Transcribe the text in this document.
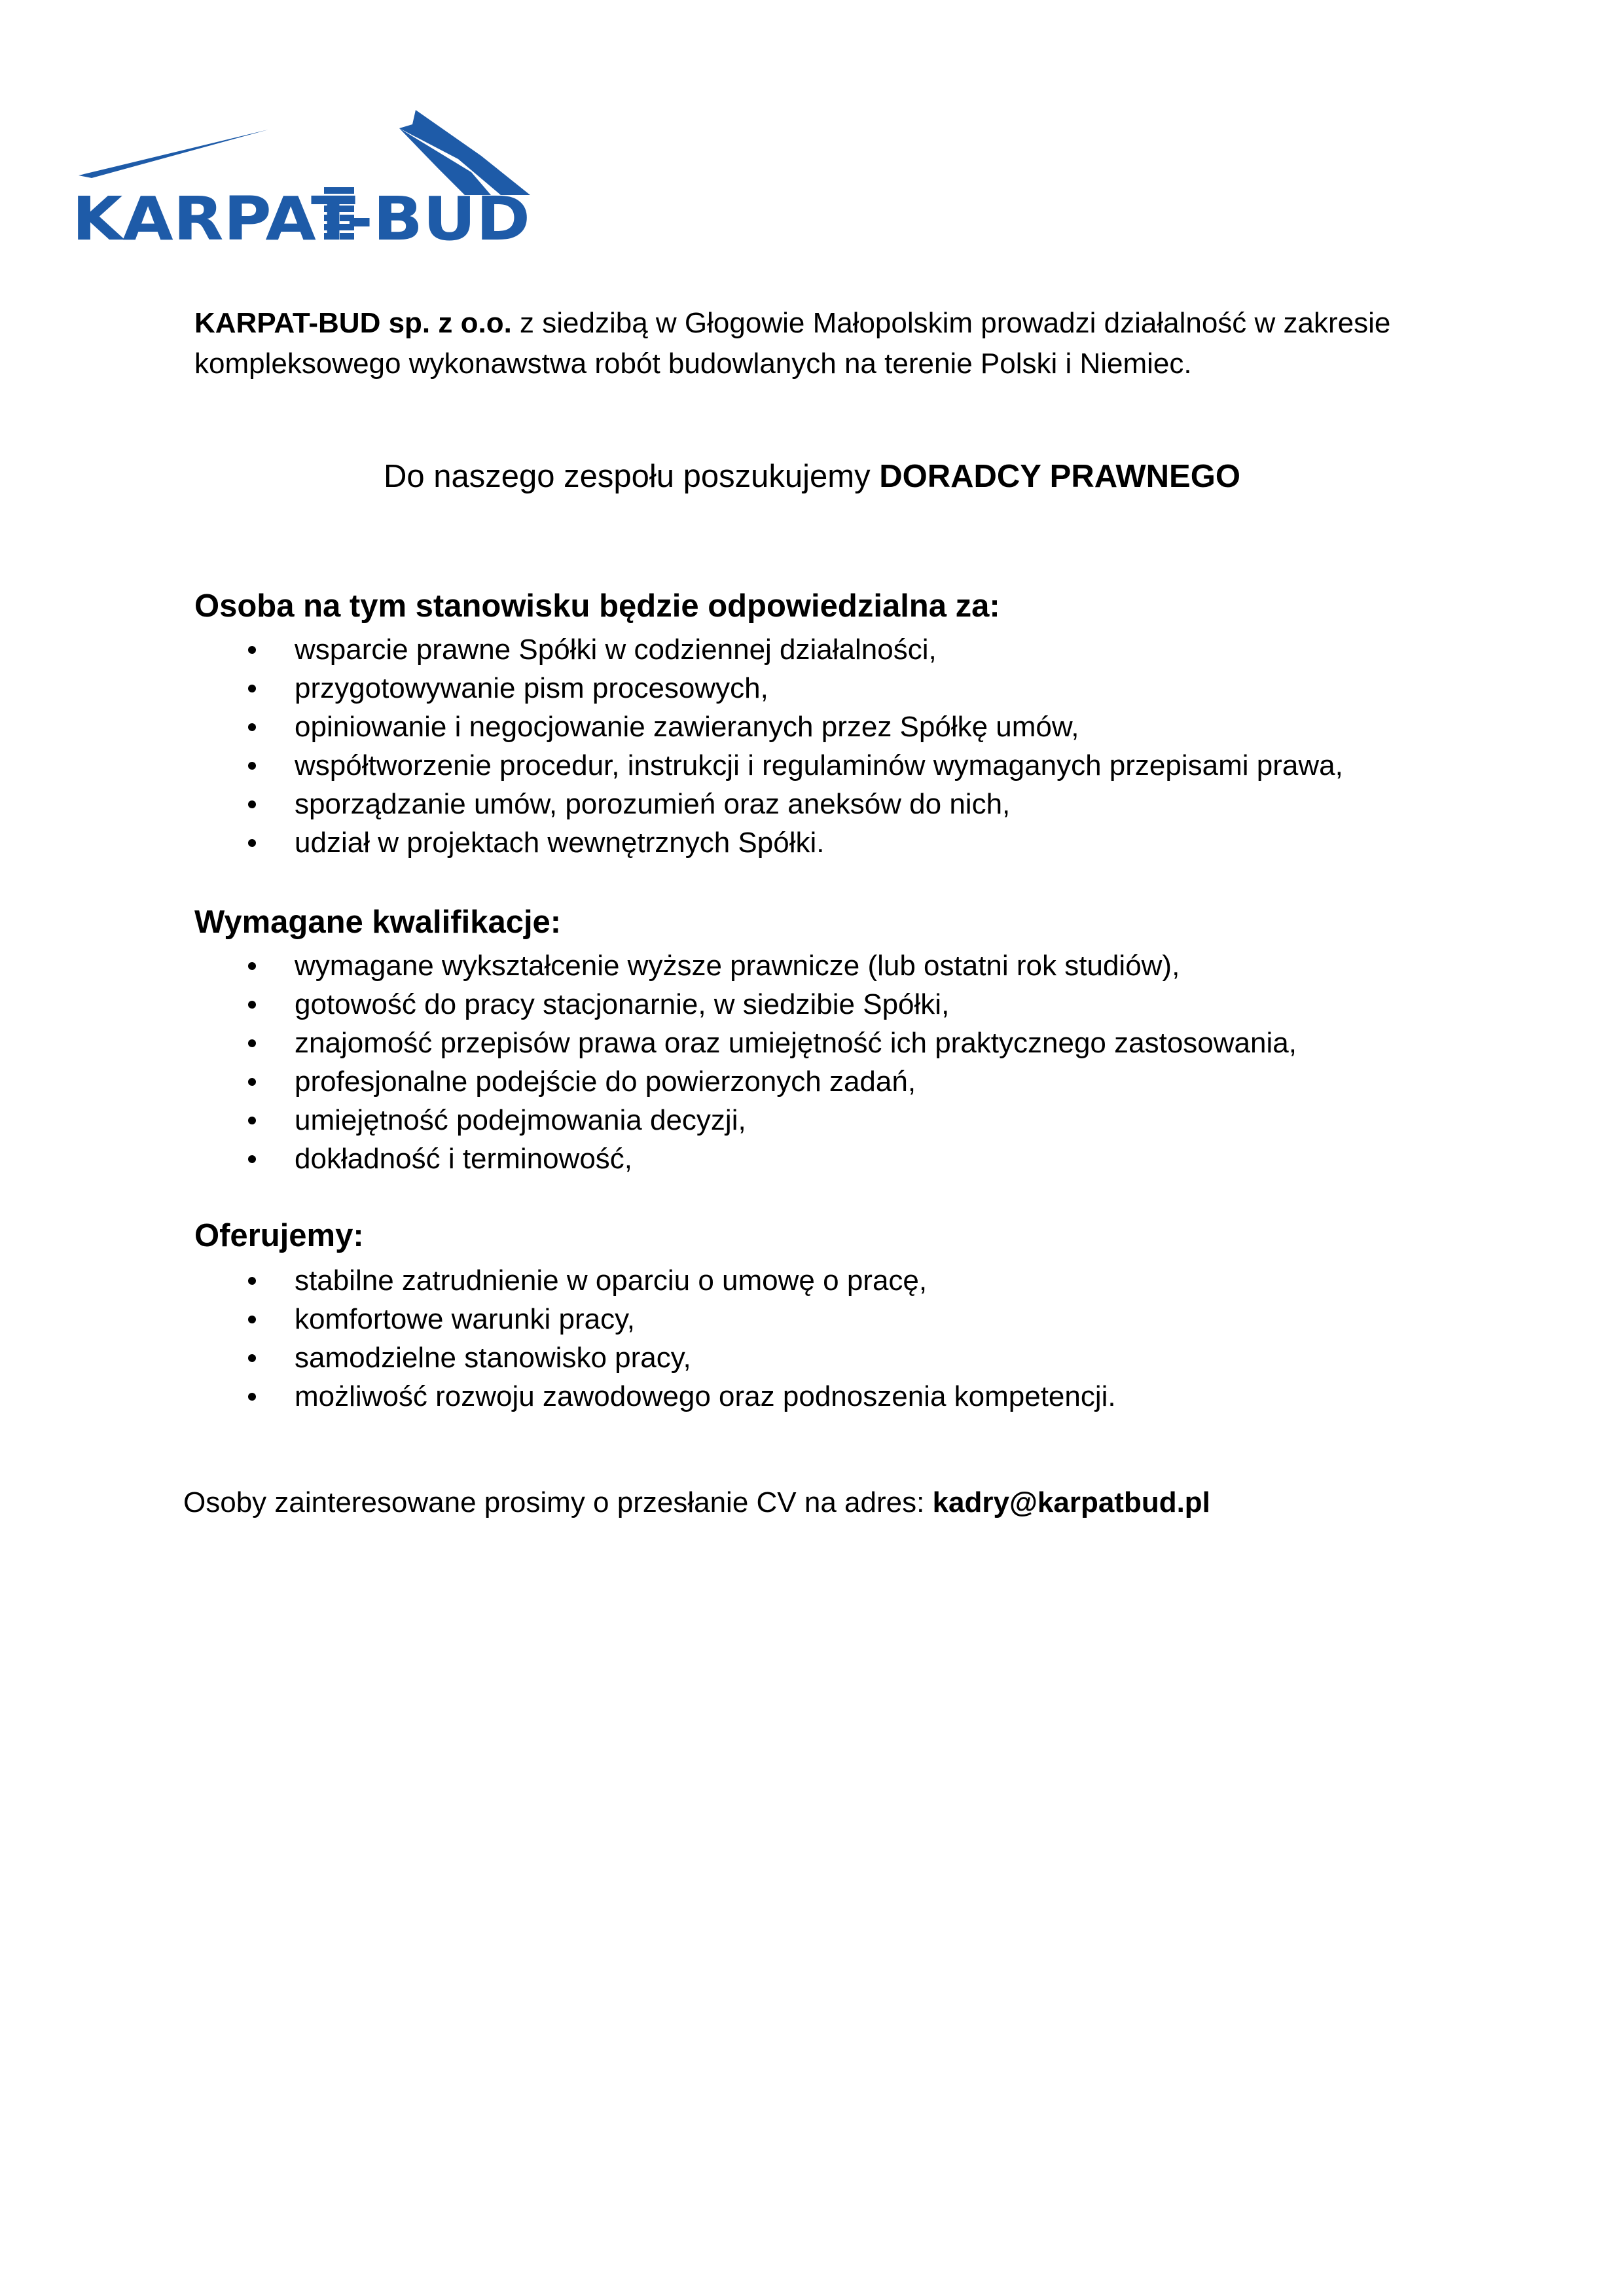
KARPAT-BUD
KARPAT-BUD sp. z o.o. z siedzibą w Głogowie Małopolskim prowadzi działalność w zakresie
kompleksowego wykonawstwa robót budowlanych na terenie Polski i Niemiec.
Do naszego zespołu poszukujemy DORADCY PRAWNEGO
Osoba na tym stanowisku będzie odpowiedzialna za:
wsparcie prawne Spółki w codziennej działalności,
przygotowywanie pism procesowych,
opiniowanie i negocjowanie zawieranych przez Spółkę umów,
współtworzenie procedur, instrukcji i regulaminów wymaganych przepisami prawa,
sporządzanie umów, porozumień oraz aneksów do nich,
udział w projektach wewnętrznych Spółki.
Wymagane kwalifikacje:
wymagane wykształcenie wyższe prawnicze (lub ostatni rok studiów),
gotowość do pracy stacjonarnie, w siedzibie Spółki,
znajomość przepisów prawa oraz umiejętność ich praktycznego zastosowania,
profesjonalne podejście do powierzonych zadań,
umiejętność podejmowania decyzji,
dokładność i terminowość,
Oferujemy:
stabilne zatrudnienie w oparciu o umowę o pracę,
komfortowe warunki pracy,
samodzielne stanowisko pracy,
możliwość rozwoju zawodowego oraz podnoszenia kompetencji.
Osoby zainteresowane prosimy o przesłanie CV na adres: kadry@karpatbud.pl
